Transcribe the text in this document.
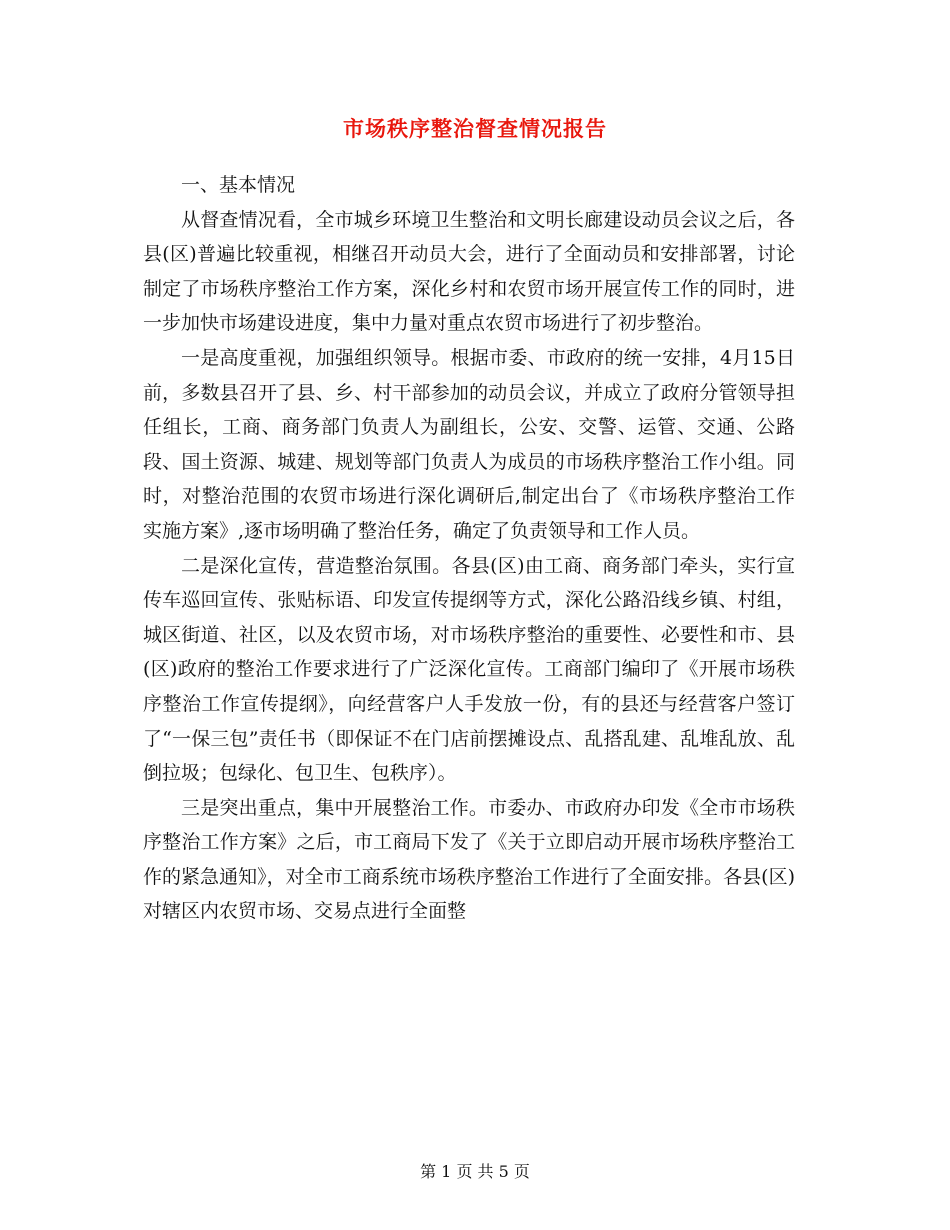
市场秩序整治督查情况报告

一、基本情况

从督查情况看，全市城乡环境卫生整治和文明长廊建设动员会议之后，各县(区)普遍比较重视，相继召开动员大会，进行了全面动员和安排部署，讨论制定了市场秩序整治工作方案，深化乡村和农贸市场开展宣传工作的同时，进一步加快市场建设进度，集中力量对重点农贸市场进行了初步整治。

一是高度重视，加强组织领导。根据市委、市政府的统一安排，4月15日前，多数县召开了县、乡、村干部参加的动员会议，并成立了政府分管领导担任组长，工商、商务部门负责人为副组长，公安、交警、运管、交通、公路段、国土资源、城建、规划等部门负责人为成员的市场秩序整治工作小组。同时，对整治范围的农贸市场进行深化调研后,制定出台了《市场秩序整治工作实施方案》,逐市场明确了整治任务，确定了负责领导和工作人员。

二是深化宣传，营造整治氛围。各县(区)由工商、商务部门牵头，实行宣传车巡回宣传、张贴标语、印发宣传提纲等方式，深化公路沿线乡镇、村组，城区街道、社区，以及农贸市场，对市场秩序整治的重要性、必要性和市、县(区)政府的整治工作要求进行了广泛深化宣传。工商部门编印了《开展市场秩序整治工作宣传提纲》，向经营客户人手发放一份，有的县还与经营客户签订了“一保三包”责任书（即保证不在门店前摆摊设点、乱搭乱建、乱堆乱放、乱倒拉圾；包绿化、包卫生、包秩序）。

三是突出重点，集中开展整治工作。市委办、市政府办印发《全市市场秩序整治工作方案》之后，市工商局下发了《关于立即启动开展市场秩序整治工作的紧急通知》，对全市工商系统市场秩序整治工作进行了全面安排。各县(区)对辖区内农贸市场、交易点进行全面整

第 1 页 共 5 页
